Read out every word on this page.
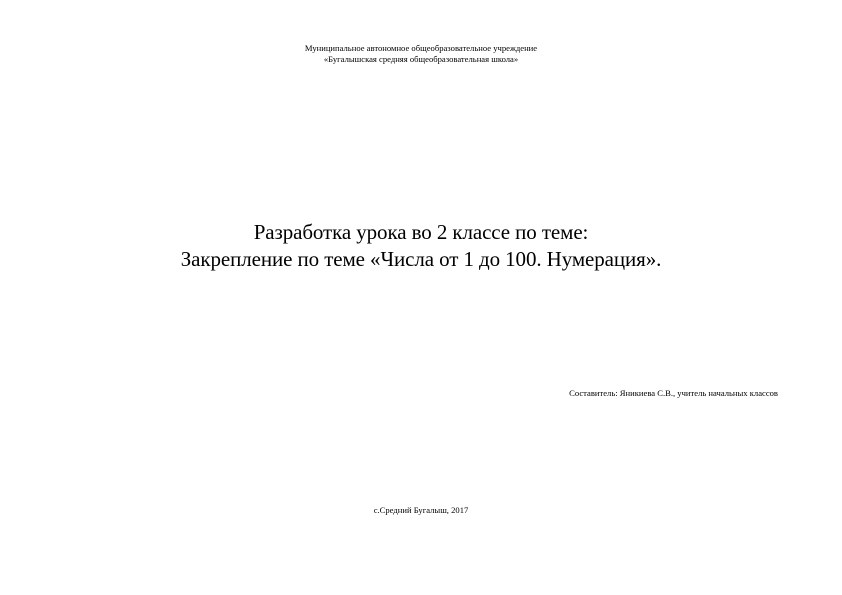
Муниципальное автономное общеобразовательное учреждение
«Бугалышская средняя общеобразовательная школа»
Разработка урока во 2 классе по теме:
Закрепление по теме «Числа от 1 до 100. Нумерация».
Составитель: Яникиева С.В., учитель начальных классов
с.Средний Бугалыш, 2017
